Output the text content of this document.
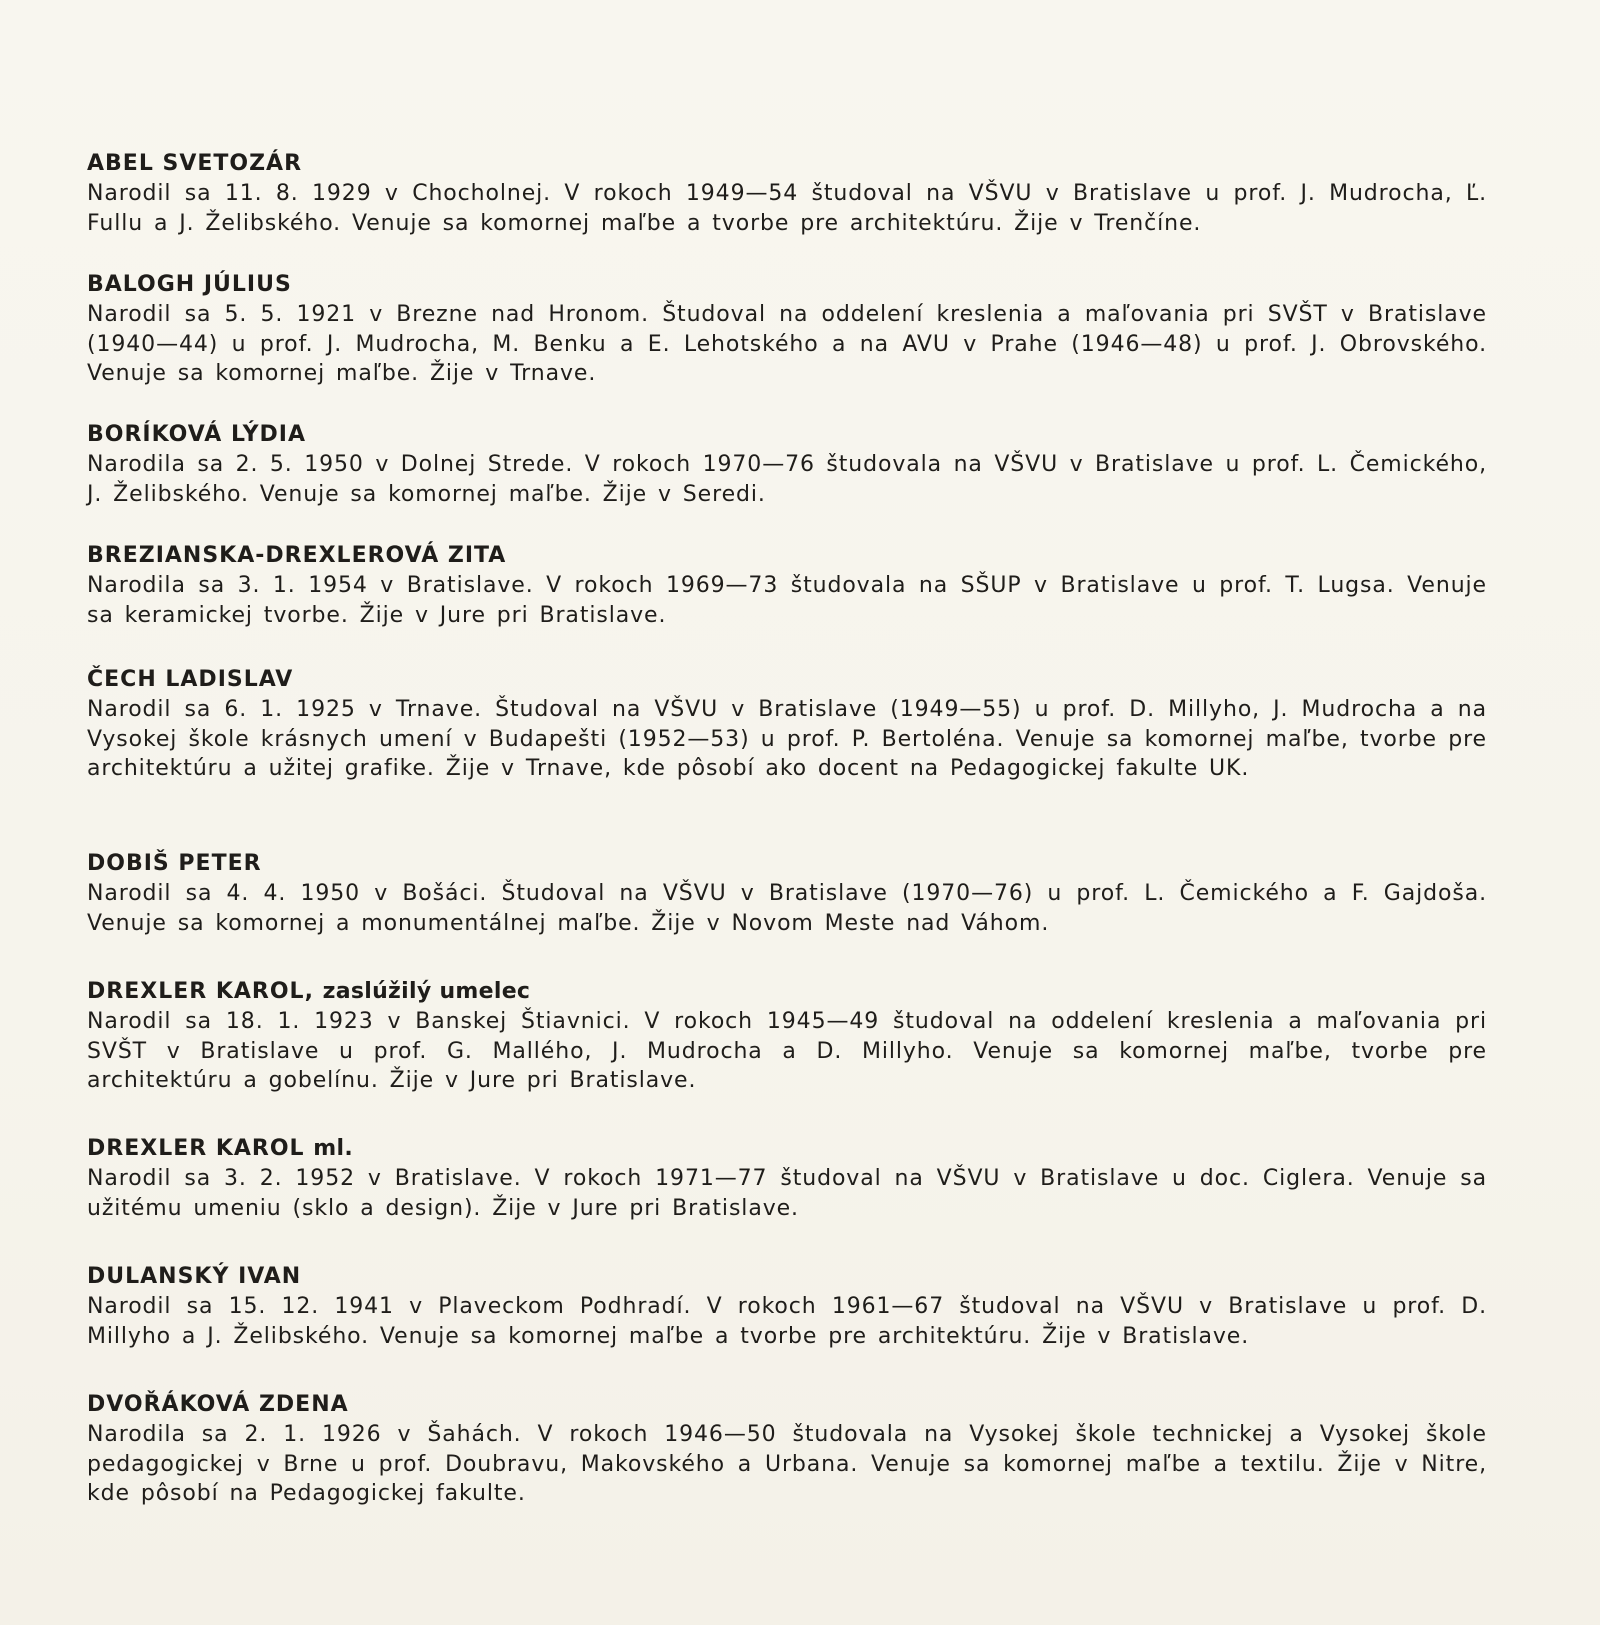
ABEL SVETOZÁR
Narodil sa 11. 8. 1929 v Chocholnej. V rokoch 1949—54 študoval na VŠVU v Bratislave u prof. J. Mudrocha, Ľ. Fullu a J. Želibského. Venuje sa komornej maľbe a tvorbe pre architektúru. Žije v Trenčíne.
BALOGH JÚLIUS
Narodil sa 5. 5. 1921 v Brezne nad Hronom. Študoval na oddelení kreslenia a maľovania pri SVŠT v Bratislave (1940—44) u prof. J. Mudrocha, M. Benku a E. Lehotského a na AVU v Prahe (1946—48) u prof. J. Obrovského. Venuje sa komornej maľbe. Žije v Trnave.
BORÍKOVÁ LÝDIA
Narodila sa 2. 5. 1950 v Dolnej Strede. V rokoch 1970—76 študovala na VŠVU v Bratislave u prof. L. Čemického, J. Želibského. Venuje sa komornej maľbe. Žije v Seredi.
BREZIANSKA-DREXLEROVÁ ZITA
Narodila sa 3. 1. 1954 v Bratislave. V rokoch 1969—73 študovala na SŠUP v Bratislave u prof. T. Lugsa. Venuje sa keramickej tvorbe. Žije v Jure pri Bratislave.
ČECH LADISLAV
Narodil sa 6. 1. 1925 v Trnave. Študoval na VŠVU v Bratislave (1949—55) u prof. D. Millyho, J. Mudrocha a na Vysokej škole krásnych umení v Budapešti (1952—53) u prof. P. Bertoléna. Venuje sa komornej maľbe, tvorbe pre architektúru a užitej grafike. Žije v Trnave, kde pôsobí ako docent na Pedagogickej fakulte UK.
DOBIŠ PETER
Narodil sa 4. 4. 1950 v Bošáci. Študoval na VŠVU v Bratislave (1970—76) u prof. L. Čemického a F. Gajdoša. Venuje sa komornej a monumentálnej maľbe. Žije v Novom Meste nad Váhom.
DREXLER KAROL, zaslúžilý umelec
Narodil sa 18. 1. 1923 v Banskej Štiavnici. V rokoch 1945—49 študoval na oddelení kreslenia a maľovania pri SVŠT v Bratislave u prof. G. Mallého, J. Mudrocha a D. Millyho. Venuje sa komornej maľbe, tvorbe pre architektúru a gobelínu. Žije v Jure pri Bratislave.
DREXLER KAROL ml.
Narodil sa 3. 2. 1952 v Bratislave. V rokoch 1971—77 študoval na VŠVU v Bratislave u doc. Ciglera. Venuje sa užitému umeniu (sklo a design). Žije v Jure pri Bratislave.
DULANSKÝ IVAN
Narodil sa 15. 12. 1941 v Plaveckom Podhradí. V rokoch 1961—67 študoval na VŠVU v Bratislave u prof. D. Millyho a J. Želibského. Venuje sa komornej maľbe a tvorbe pre architektúru. Žije v Bratislave.
DVOŘÁKOVÁ ZDENA
Narodila sa 2. 1. 1926 v Šahách. V rokoch 1946—50 študovala na Vysokej škole technickej a Vysokej škole pedagogickej v Brne u prof. Doubravu, Makovského a Urbana. Venuje sa komornej maľbe a textilu. Žije v Nitre, kde pôsobí na Pedagogickej fakulte.
